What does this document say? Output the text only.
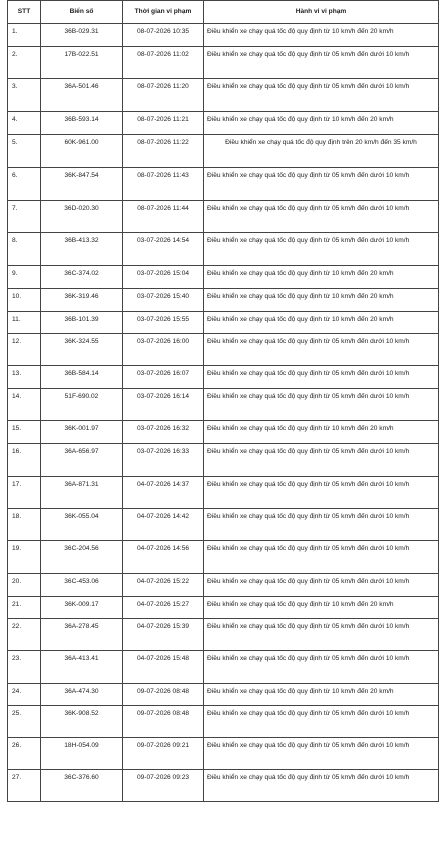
STT	Biển số	Thời gian vi phạm	Hành vi vi phạm
1.	36B-029.31	08-07-2026 10:35	Điều khiển xe chạy quá tốc độ quy định từ 10 km/h đến 20 km/h
2.	17B-022.51	08-07-2026 11:02	Điều khiển xe chạy quá tốc độ quy định từ 05 km/h đến dưới 10 km/h
3.	36A-501.46	08-07-2026 11:20	Điều khiển xe chạy quá tốc độ quy định từ 05 km/h đến dưới 10 km/h
4.	36B-593.14	08-07-2026 11:21	Điều khiển xe chạy quá tốc độ quy định từ 10 km/h đến 20 km/h
5.	60K-961.00	08-07-2026 11:22	Điều khiển xe chạy quá tốc độ quy định trên 20 km/h đến 35 km/h
6.	36K-847.54	08-07-2026 11:43	Điều khiển xe chạy quá tốc độ quy định từ 05 km/h đến dưới 10 km/h
7.	36D-020.30	08-07-2026 11:44	Điều khiển xe chạy quá tốc độ quy định từ 05 km/h đến dưới 10 km/h
8.	36B-413.32	03-07-2026 14:54	Điều khiển xe chạy quá tốc độ quy định từ 05 km/h đến dưới 10 km/h
9.	36C-374.02	03-07-2026 15:04	Điều khiển xe chạy quá tốc độ quy định từ 10 km/h đến 20 km/h
10.	36K-319.46	03-07-2026 15:40	Điều khiển xe chạy quá tốc độ quy định từ 10 km/h đến 20 km/h
11.	36B-101.39	03-07-2026 15:55	Điều khiển xe chạy quá tốc độ quy định từ 10 km/h đến 20 km/h
12.	36K-324.55	03-07-2026 16:00	Điều khiển xe chạy quá tốc độ quy định từ 05 km/h đến dưới 10 km/h
13.	36B-584.14	03-07-2026 16:07	Điều khiển xe chạy quá tốc độ quy định từ 05 km/h đến dưới 10 km/h
14.	51F-690.02	03-07-2026 16:14	Điều khiển xe chạy quá tốc độ quy định từ 05 km/h đến dưới 10 km/h
15.	36K-001.97	03-07-2026 16:32	Điều khiển xe chạy quá tốc độ quy định từ 10 km/h đến 20 km/h
16.	36A-656.97	03-07-2026 16:33	Điều khiển xe chạy quá tốc độ quy định từ 05 km/h đến dưới 10 km/h
17.	36A-871.31	04-07-2026 14:37	Điều khiển xe chạy quá tốc độ quy định từ 05 km/h đến dưới 10 km/h
18.	36K-055.04	04-07-2026 14:42	Điều khiển xe chạy quá tốc độ quy định từ 05 km/h đến dưới 10 km/h
19.	36C-204.56	04-07-2026 14:56	Điều khiển xe chạy quá tốc độ quy định từ 05 km/h đến dưới 10 km/h
20.	36C-453.06	04-07-2026 15:22	Điều khiển xe chạy quá tốc độ quy định từ 05 km/h đến dưới 10 km/h
21.	36K-009.17	04-07-2026 15:27	Điều khiển xe chạy quá tốc độ quy định từ 10 km/h đến 20 km/h
22.	36A-278.45	04-07-2026 15:39	Điều khiển xe chạy quá tốc độ quy định từ 05 km/h đến dưới 10 km/h
23.	36A-413.41	04-07-2026 15:48	Điều khiển xe chạy quá tốc độ quy định từ 05 km/h đến dưới 10 km/h
24.	36A-474.30	09-07-2026 08:48	Điều khiển xe chạy quá tốc độ quy định từ 10 km/h đến 20 km/h
25.	36K-908.52	09-07-2026 08:48	Điều khiển xe chạy quá tốc độ quy định từ 05 km/h đến dưới 10 km/h
26.	18H-054.09	09-07-2026 09:21	Điều khiển xe chạy quá tốc độ quy định từ 05 km/h đến dưới 10 km/h
27.	36C-376.60	09-07-2026 09:23	Điều khiển xe chạy quá tốc độ quy định từ 05 km/h đến dưới 10 km/h
